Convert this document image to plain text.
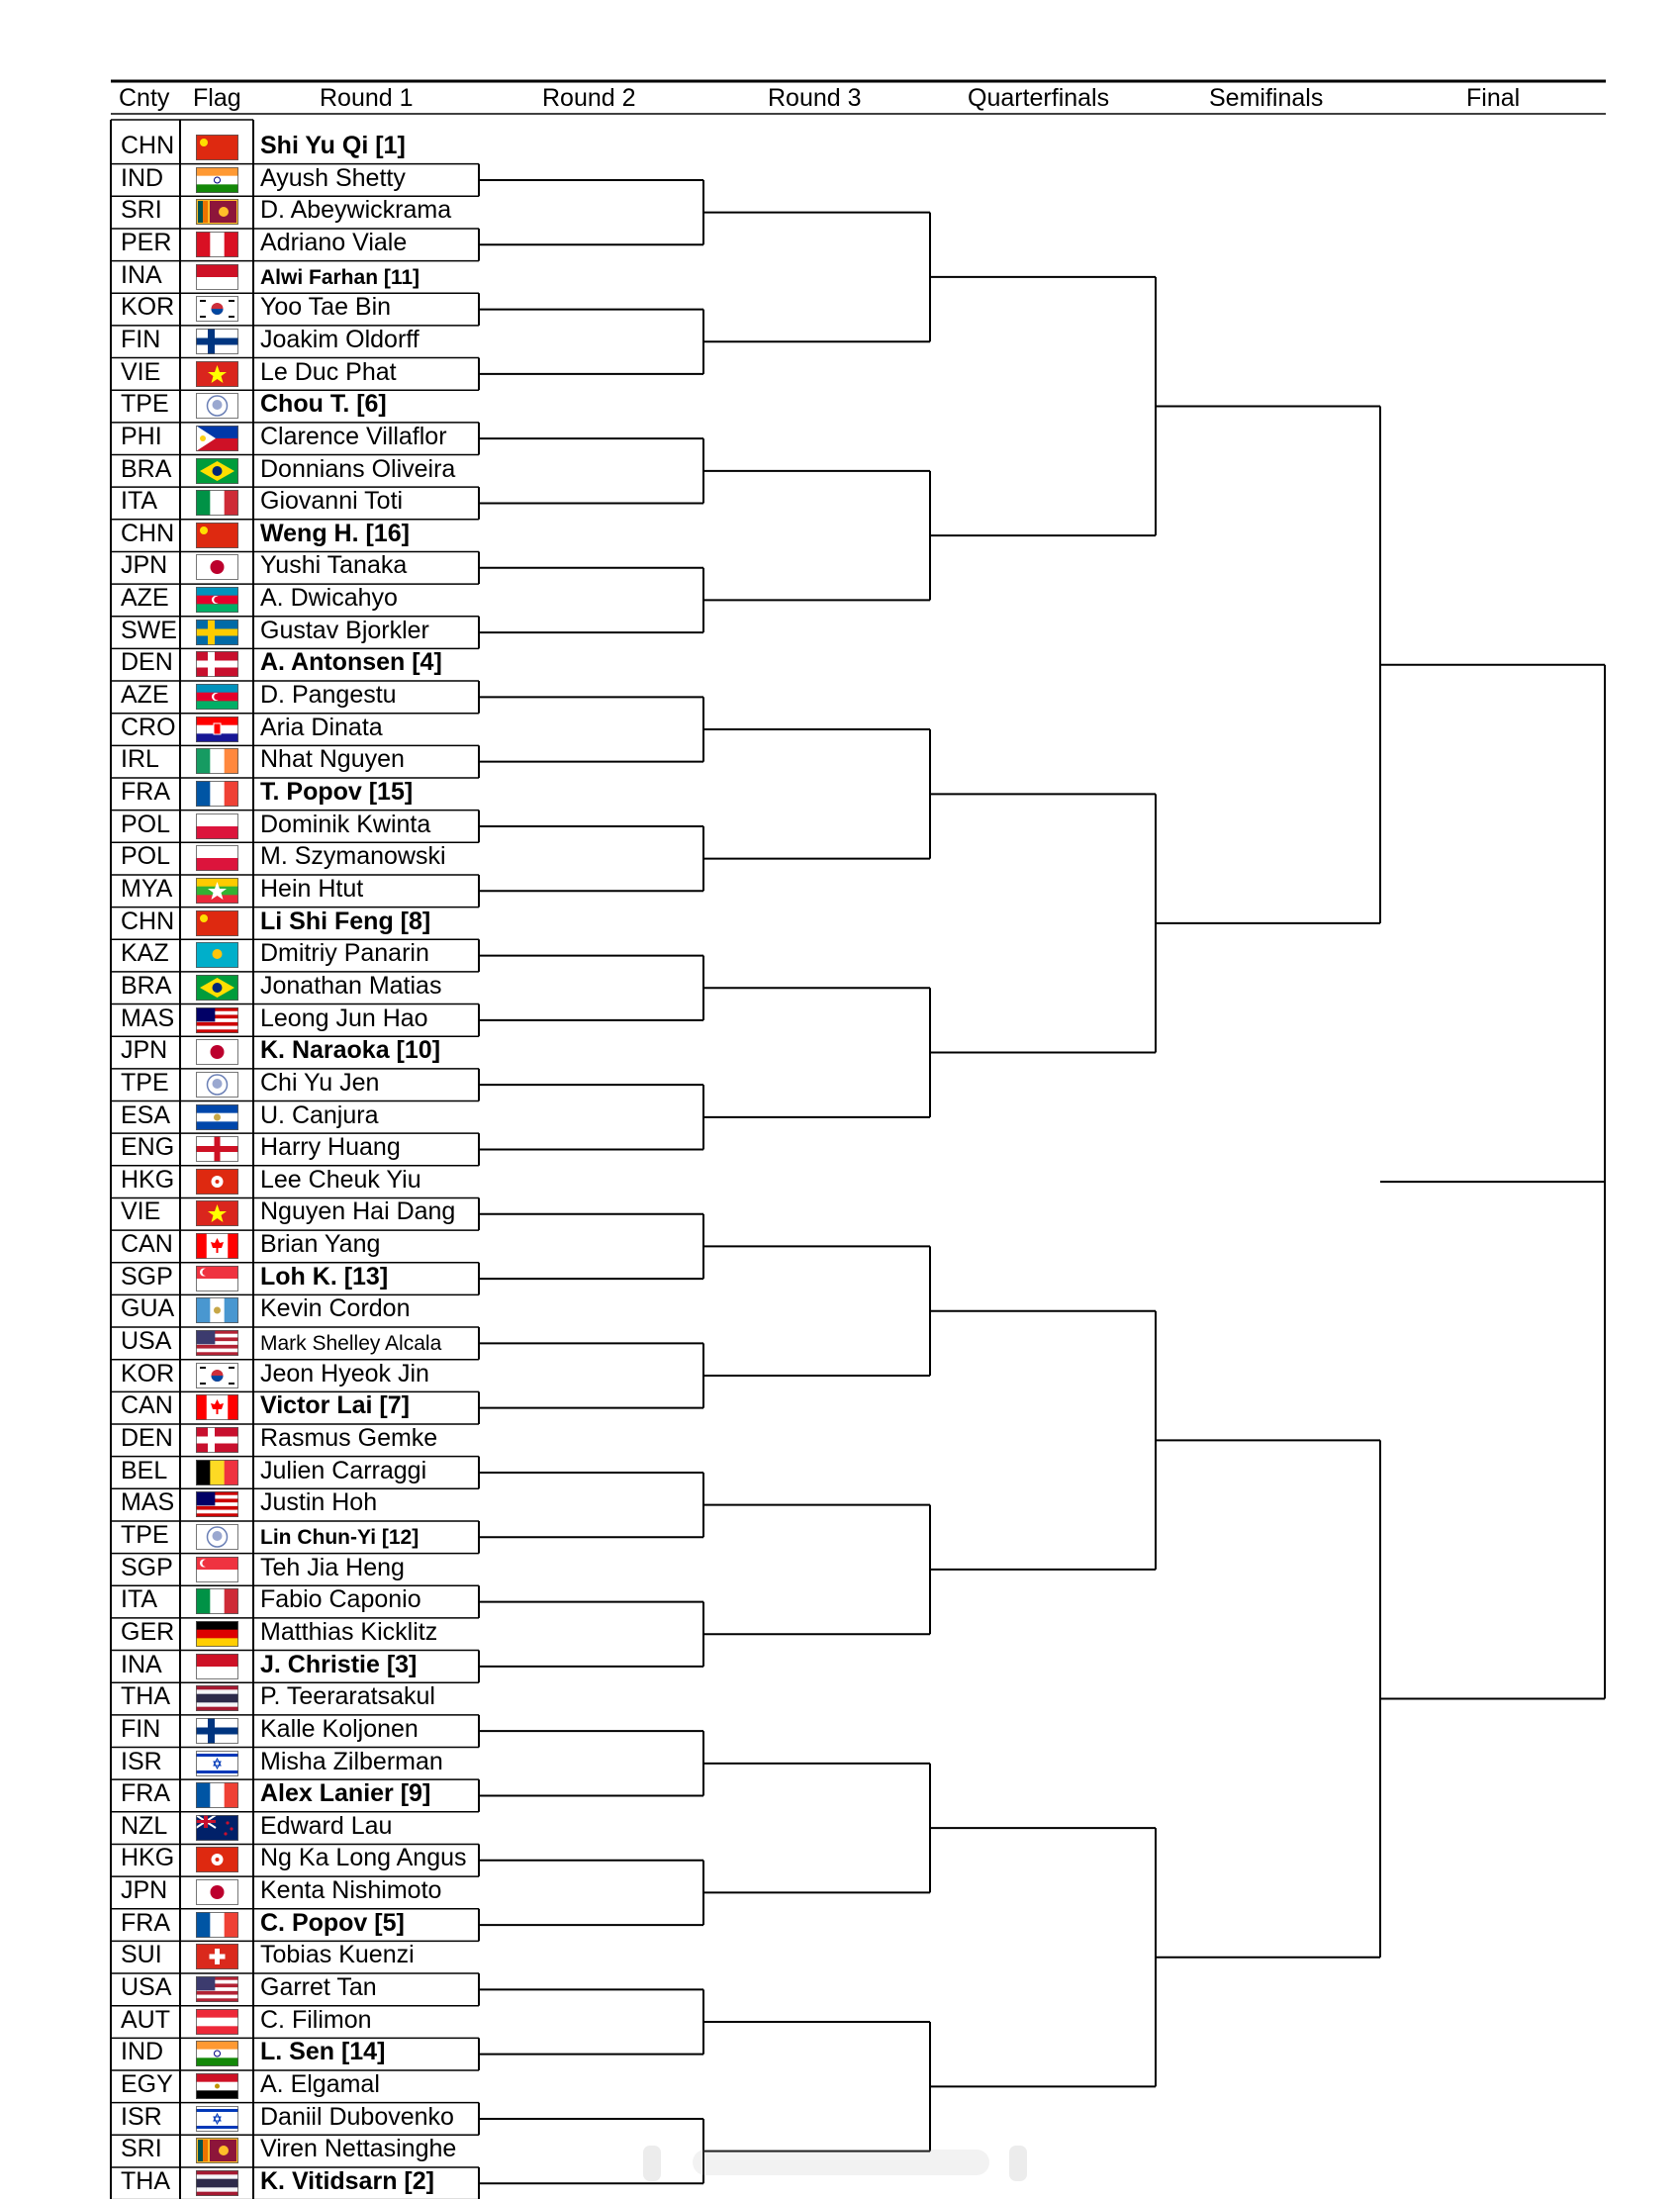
Cnty Flag	Round 1	Round 2	Round 3	Quarterfinals	Semifinals	Final
CHN	Shi Yu Qi [1]
IND	Ayush Shetty
SRI	D. Abeywickrama
PER	Adriano Viale
INA	Alwi Farhan [11]
KOR	Yoo Tae Bin
FIN	Joakim Oldorff
VIE	Le Duc Phat
TPE	Chou T. [6]
PHI	Clarence Villaflor
BRA	Donnians Oliveira
ITA	Giovanni Toti
CHN	Weng H. [16]
JPN	Yushi Tanaka
AZE	A. Dwicahyo
SWE	Gustav Bjorkler
DEN	A. Antonsen [4]
AZE	D. Pangestu
CRO	Aria Dinata
IRL	Nhat Nguyen
FRA	T. Popov [15]
POL	Dominik Kwinta
POL	M. Szymanowski
MYA	Hein Htut
CHN	Li Shi Feng [8]
KAZ	Dmitriy Panarin
BRA	Jonathan Matias
MAS	Leong Jun Hao
JPN	K. Naraoka [10]
TPE	Chi Yu Jen
ESA	U. Canjura
ENG	Harry Huang
HKG	Lee Cheuk Yiu
VIE	Nguyen Hai Dang
CAN	Brian Yang
SGP	Loh K. [13]
GUA	Kevin Cordon
USA	Mark Shelley Alcala
KOR	Jeon Hyeok Jin
CAN	Victor Lai [7]
DEN	Rasmus Gemke
BEL	Julien Carraggi
MAS	Justin Hoh
TPE	Lin Chun-Yi [12]
SGP	Teh Jia Heng
ITA	Fabio Caponio
GER	Matthias Kicklitz
INA	J. Christie [3]
THA	P. Teeraratsakul
FIN	Kalle Koljonen
ISR	Misha Zilberman
FRA	Alex Lanier [9]
NZL	Edward Lau
HKG	Ng Ka Long Angus
JPN	Kenta Nishimoto
FRA	C. Popov [5]
SUI	Tobias Kuenzi
USA	Garret Tan
AUT	C. Filimon
IND	L. Sen [14]
EGY	A. Elgamal
ISR	Daniil Dubovenko
SRI	Viren Nettasinghe
THA	K. Vitidsarn [2]
